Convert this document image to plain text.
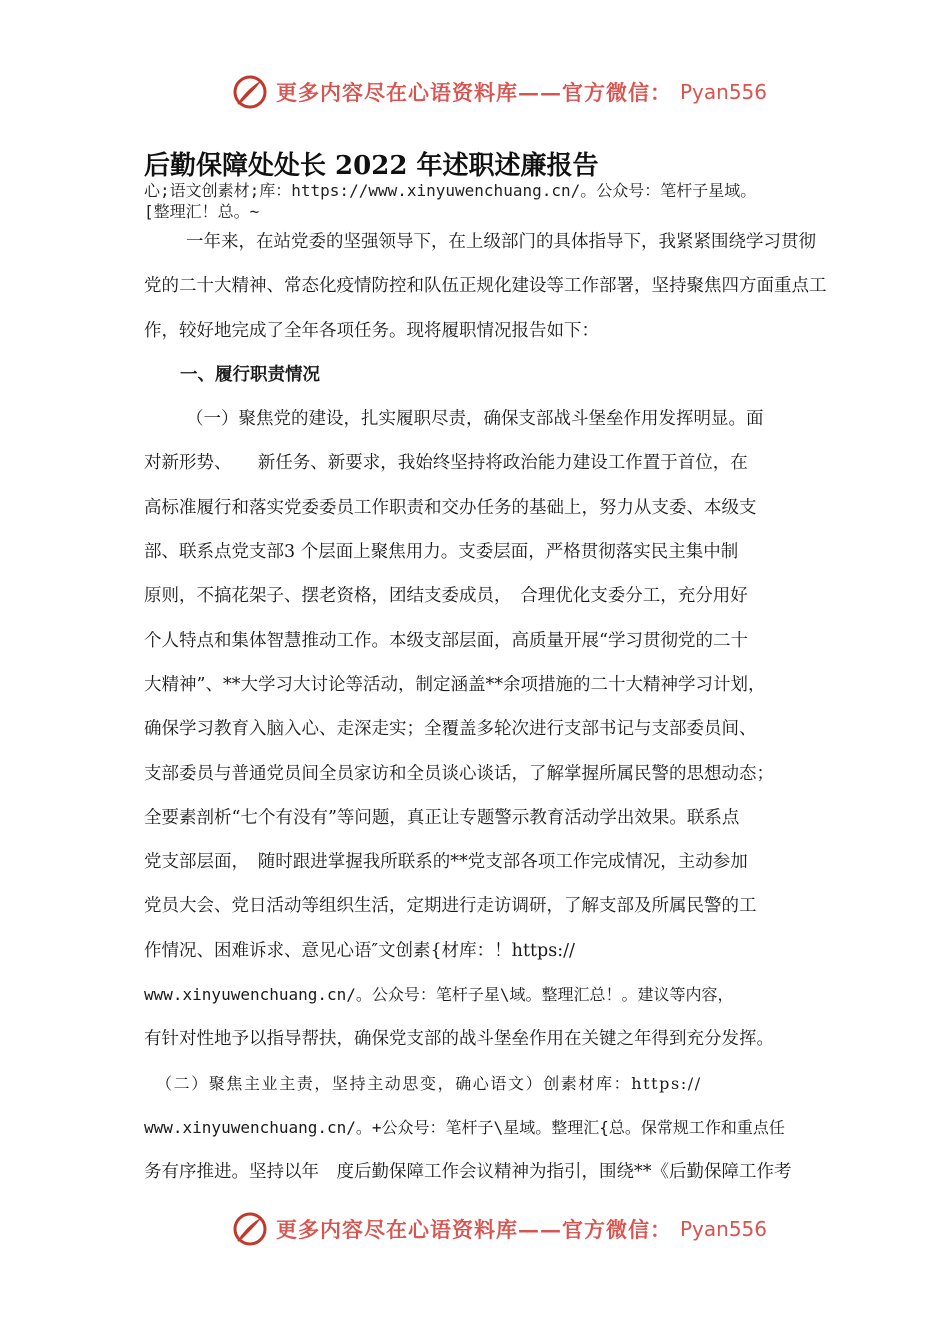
更多内容尽在心语资料库——官方微信： Pyan556
后勤保障处处长 2022 年述职述廉报告
心;语文创素材;库：https://www.xinyuwenchuang.cn/。公众号：笔杆子星域。
[整理汇！总。~
一年来，在站党委的坚强领导下，在上级部门的具体指导下，我紧紧围绕学习贯彻
党的二十大精神、常态化疫情防控和队伍正规化建设等工作部署，坚持聚焦四方面重点工
作，较好地完成了全年各项任务。现将履职情况报告如下：
一、履行职责情况
（一）聚焦党的建设，扎实履职尽责，确保支部战斗堡垒作用发挥明显。面
对新形势、　　新任务、新要求，我始终坚持将政治能力建设工作置于首位，在
高标准履行和落实党委委员工作职责和交办任务的基础上，努力从支委、本级支
部、联系点党支部3 个层面上聚焦用力。支委层面，严格贯彻落实民主集中制
原则，不搞花架子、摆老资格，团结支委成员，　合理优化支委分工，充分用好
个人特点和集体智慧推动工作。本级支部层面，高质量开展“学习贯彻党的二十
大精神”、**大学习大讨论等活动，制定涵盖**余项措施的二十大精神学习计划，
确保学习教育入脑入心、走深走实；全覆盖多轮次进行支部书记与支部委员间、
支部委员与普通党员间全员家访和全员谈心谈话，了解掌握所属民警的思想动态；
全要素剖析“七个有没有”等问题，真正让专题警示教育活动学出效果。联系点
党支部层面，　随时跟进掌握我所联系的**党支部各项工作完成情况，主动参加
党员大会、党日活动等组织生活，定期进行走访调研，了解支部及所属民警的工
作情况、困难诉求、意见心语″文创素{材库：！https://
www.xinyuwenchuang.cn/。公众号：笔杆子星\域。整理汇总！。建议等内容，
有针对性地予以指导帮扶，确保党支部的战斗堡垒作用在关键之年得到充分发挥。
（二）聚焦主业主责，坚持主动思变，确心语文）创素材库：https://
www.xinyuwenchuang.cn/。+公众号：笔杆子\星域。整理汇{总。保常规工作和重点任
务有序推进。坚持以年　度后勤保障工作会议精神为指引，围绕**《后勤保障工作考
更多内容尽在心语资料库——官方微信： Pyan556
